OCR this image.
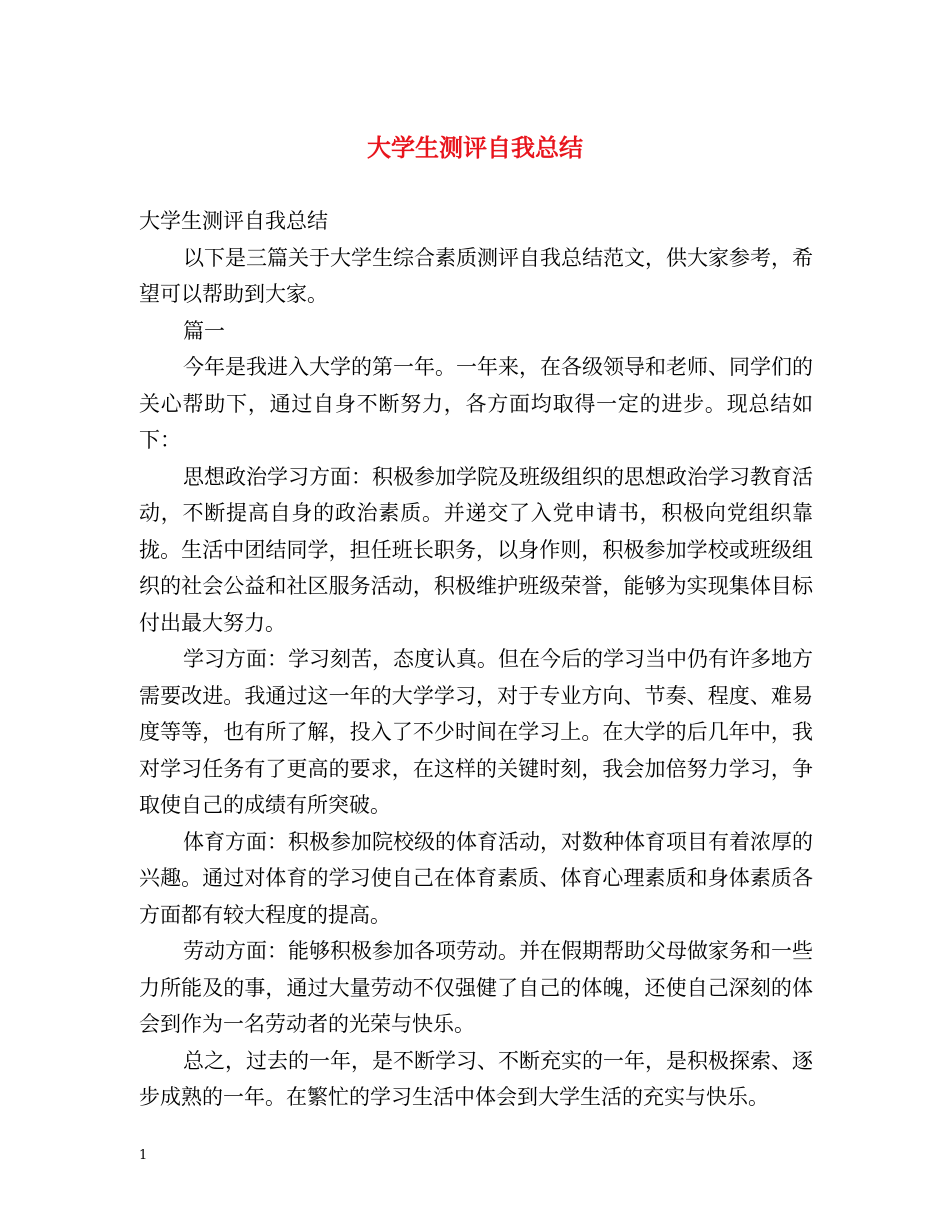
大学生测评自我总结

大学生测评自我总结

以下是三篇关于大学生综合素质测评自我总结范文，供大家参考，希望可以帮助到大家。

篇一

今年是我进入大学的第一年。一年来，在各级领导和老师、同学们的关心帮助下，通过自身不断努力，各方面均取得一定的进步。现总结如下：

思想政治学习方面：积极参加学院及班级组织的思想政治学习教育活动，不断提高自身的政治素质。并递交了入党申请书，积极向党组织靠拢。生活中团结同学，担任班长职务，以身作则，积极参加学校或班级组织的社会公益和社区服务活动，积极维护班级荣誉，能够为实现集体目标付出最大努力。

学习方面：学习刻苦，态度认真。但在今后的学习当中仍有许多地方需要改进。我通过这一年的大学学习，对于专业方向、节奏、程度、难易度等等，也有所了解，投入了不少时间在学习上。在大学的后几年中，我对学习任务有了更高的要求，在这样的关键时刻，我会加倍努力学习，争取使自己的成绩有所突破。

体育方面：积极参加院校级的体育活动，对数种体育项目有着浓厚的兴趣。通过对体育的学习使自己在体育素质、体育心理素质和身体素质各方面都有较大程度的提高。

劳动方面：能够积极参加各项劳动。并在假期帮助父母做家务和一些力所能及的事，通过大量劳动不仅强健了自己的体魄，还使自己深刻的体会到作为一名劳动者的光荣与快乐。

总之，过去的一年，是不断学习、不断充实的一年，是积极探索、逐步成熟的一年。在繁忙的学习生活中体会到大学生活的充实与快乐。

1
